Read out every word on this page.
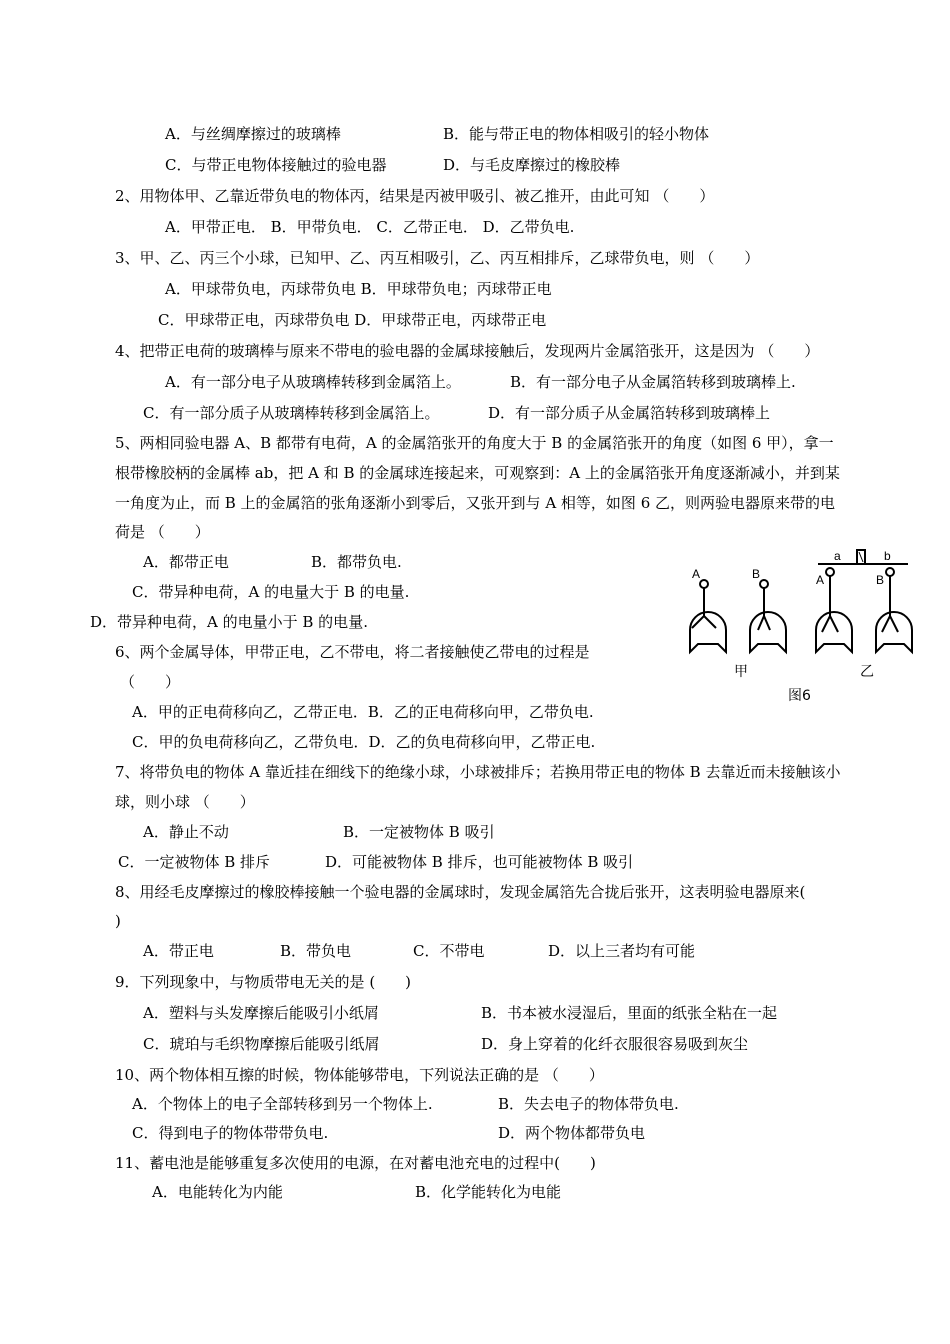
A．与丝绸摩擦过的玻璃棒	B．能与带正电的物体相吸引的轻小物体
C．与带正电物体接触过的验电器	D．与毛皮摩擦过的橡胶棒
2、用物体甲、乙靠近带负电的物体丙，结果是丙被甲吸引、被乙推开，由此可知 （　　）
A．甲带正电． B．甲带负电． C．乙带正电． D．乙带负电.
3、甲、乙、丙三个小球，已知甲、乙、丙互相吸引，乙、丙互相排斥，乙球带负电，则 （　　）
A．甲球带负电，丙球带负电 B．甲球带负电；丙球带正电
C．甲球带正电，丙球带负电 D．甲球带正电，丙球带正电
4、把带正电荷的玻璃棒与原来不带电的验电器的金属球接触后，发现两片金属箔张开，这是因为 （　　）
A．有一部分电子从玻璃棒转移到金属箔上。	B．有一部分电子从金属箔转移到玻璃棒上.
C．有一部分质子从玻璃棒转移到金属箔上。	D．有一部分质子从金属箔转移到玻璃棒上
5、两相同验电器 A、B 都带有电荷，A 的金属箔张开的角度大于 B 的金属箔张开的角度（如图 6 甲），拿一
根带橡胶柄的金属棒 ab，把 A 和 B 的金属球连接起来，可观察到：A 上的金属箔张开角度逐渐减小，并到某
一角度为止，而 B 上的金属箔的张角逐渐小到零后，又张开到与 A 相等，如图 6 乙，则两验电器原来带的电
荷是 （　　）
A．都带正电	B．都带负电.
C．带异种电荷，A 的电量大于 B 的电量.
D．带异种电荷，A 的电量小于 B 的电量.
6、两个金属导体，甲带正电，乙不带电，将二者接触使乙带电的过程是
（　　）
A．甲的正电荷移向乙，乙带正电．B．乙的正电荷移向甲，乙带负电.
C．甲的负电荷移向乙，乙带负电．D．乙的负电荷移向甲，乙带正电.
7、将带负电的物体 A 靠近挂在细线下的绝缘小球，小球被排斥；若换用带正电的物体 B 去靠近而未接触该小
球，则小球 （　　）
A．静止不动	B．一定被物体 B 吸引
C．一定被物体 B 排斥	D．可能被物体 B 排斥，也可能被物体 B 吸引
8、用经毛皮摩擦过的橡胶棒接触一个验电器的金属球时，发现金属箔先合拢后张开，这表明验电器原来(
)
A．带正电	B．带负电	C．不带电	D．以上三者均有可能
9．下列现象中，与物质带电无关的是 (　　)
A．塑料与头发摩擦后能吸引小纸屑	B．书本被水浸湿后，里面的纸张全粘在一起
C．琥珀与毛织物摩擦后能吸引纸屑	D．身上穿着的化纤衣服很容易吸到灰尘
10、两个物体相互擦的时候，物体能够带电，下列说法正确的是 （　　）
A．个物体上的电子全部转移到另一个物体上.	B．失去电子的物体带负电.
C．得到电子的物体带带负电.	D．两个物体都带负电
11、蓄电池是能够重复多次使用的电源，在对蓄电池充电的过程中(　　)
A．电能转化为内能	B．化学能转化为电能
A	B	A	B
a	b
甲	乙
图6
